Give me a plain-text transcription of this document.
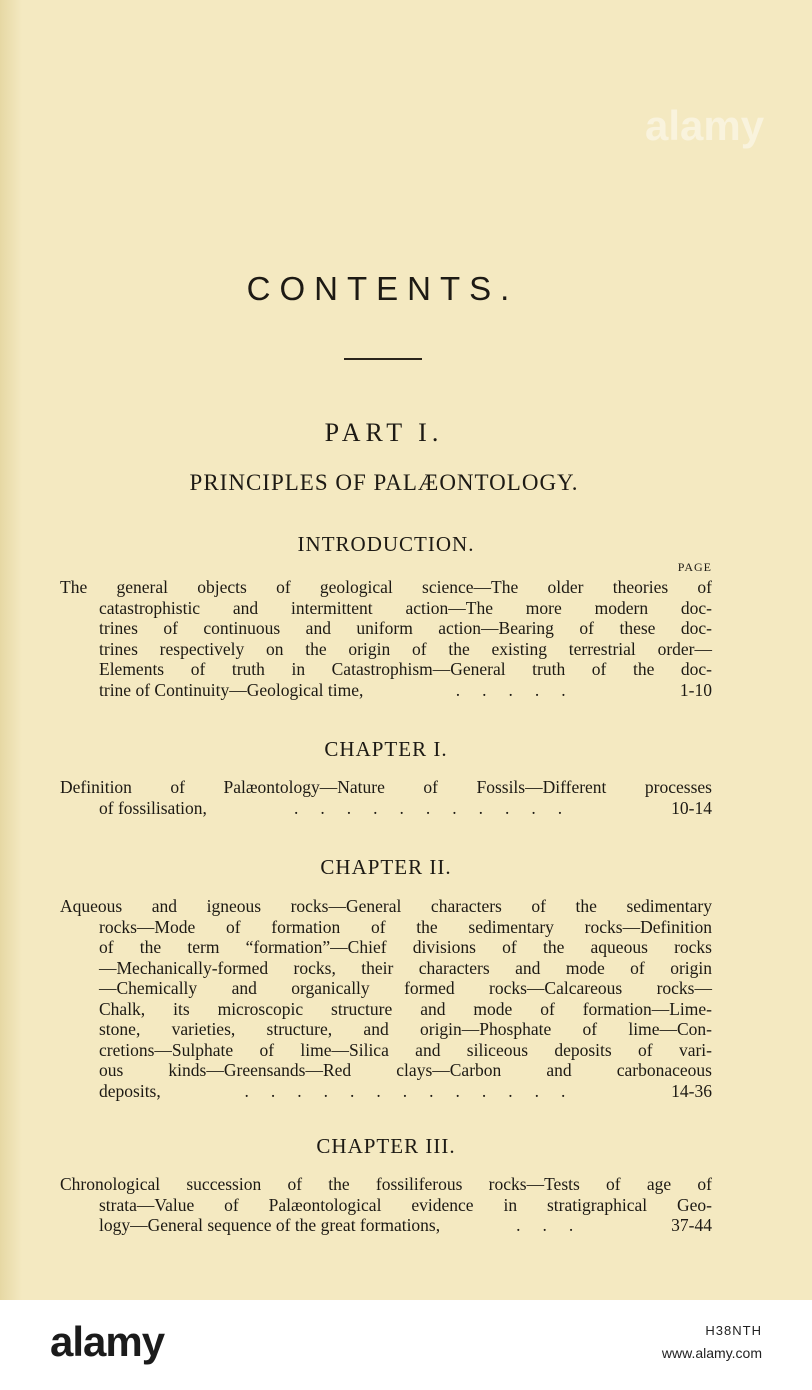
alamy
CONTENTS.
PART I.
PRINCIPLES OF PALÆONTOLOGY.
INTRODUCTION.
PAGE
The general objects of geological science—The older theories of
catastrophistic and intermittent action—The more modern doc-
trines of continuous and uniform action—Bearing of these doc-
trines respectively on the origin of the existing terrestrial order—
Elements of truth in Catastrophism—General truth of the doc-
trine of Continuity—Geological time,	.....	1-10
CHAPTER I.
Definition of Palæontology—Nature of Fossils—Different processes
of fossilisation,	...........	10-14
CHAPTER II.
Aqueous and igneous rocks—General characters of the sedimentary
rocks—Mode of formation of the sedimentary rocks—Definition
of the term “formation”—Chief divisions of the aqueous rocks
—Mechanically-formed rocks, their characters and mode of origin
—Chemically and organically formed rocks—Calcareous rocks—
Chalk, its microscopic structure and mode of formation—Lime-
stone, varieties, structure, and origin—Phosphate of lime—Con-
cretions—Sulphate of lime—Silica and siliceous deposits of vari-
ous kinds—Greensands—Red clays—Carbon and carbonaceous
deposits,	.............	14-36
CHAPTER III.
Chronological succession of the fossiliferous rocks—Tests of age of
strata—Value of Palæontological evidence in stratigraphical Geo-
logy—General sequence of the great formations,	...	37-44
alamy	H38NTH
www.alamy.com
